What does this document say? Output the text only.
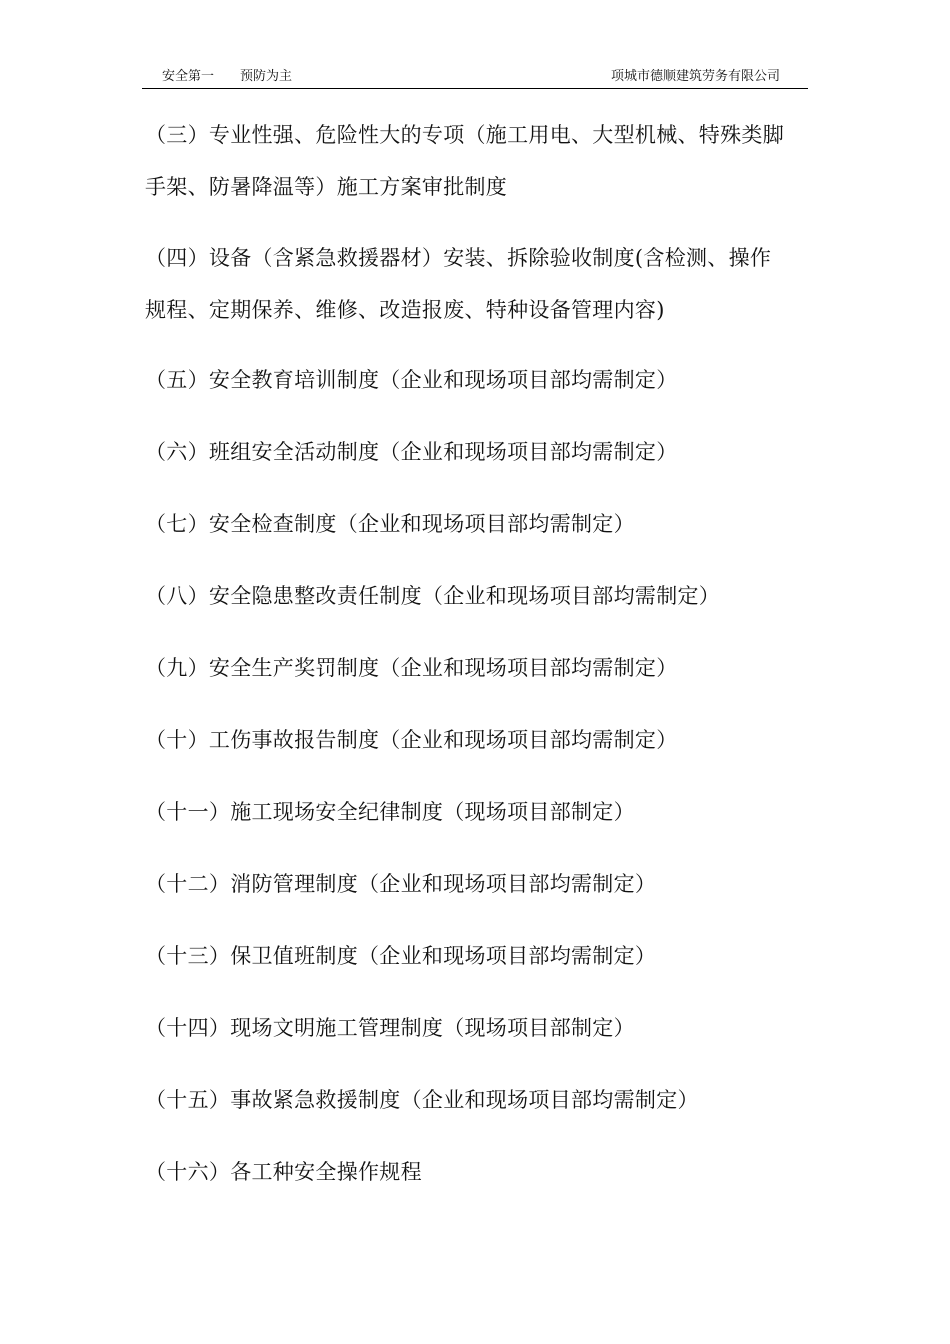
安全第一　　预防为主	项城市德顺建筑劳务有限公司

（三）专业性强、危险性大的专项（施工用电、大型机械、特殊类脚
手架、防暑降温等）施工方案审批制度

（四）设备（含紧急救援器材）安装、拆除验收制度(含检测、操作
规程、定期保养、维修、改造报废、特种设备管理内容)

（五）安全教育培训制度（企业和现场项目部均需制定）

（六）班组安全活动制度（企业和现场项目部均需制定）

（七）安全检查制度（企业和现场项目部均需制定）

（八）安全隐患整改责任制度（企业和现场项目部均需制定）

（九）安全生产奖罚制度（企业和现场项目部均需制定）

（十）工伤事故报告制度（企业和现场项目部均需制定）

（十一）施工现场安全纪律制度（现场项目部制定）

（十二）消防管理制度（企业和现场项目部均需制定）

（十三）保卫值班制度（企业和现场项目部均需制定）

（十四）现场文明施工管理制度（现场项目部制定）

（十五）事故紧急救援制度（企业和现场项目部均需制定）

（十六）各工种安全操作规程
